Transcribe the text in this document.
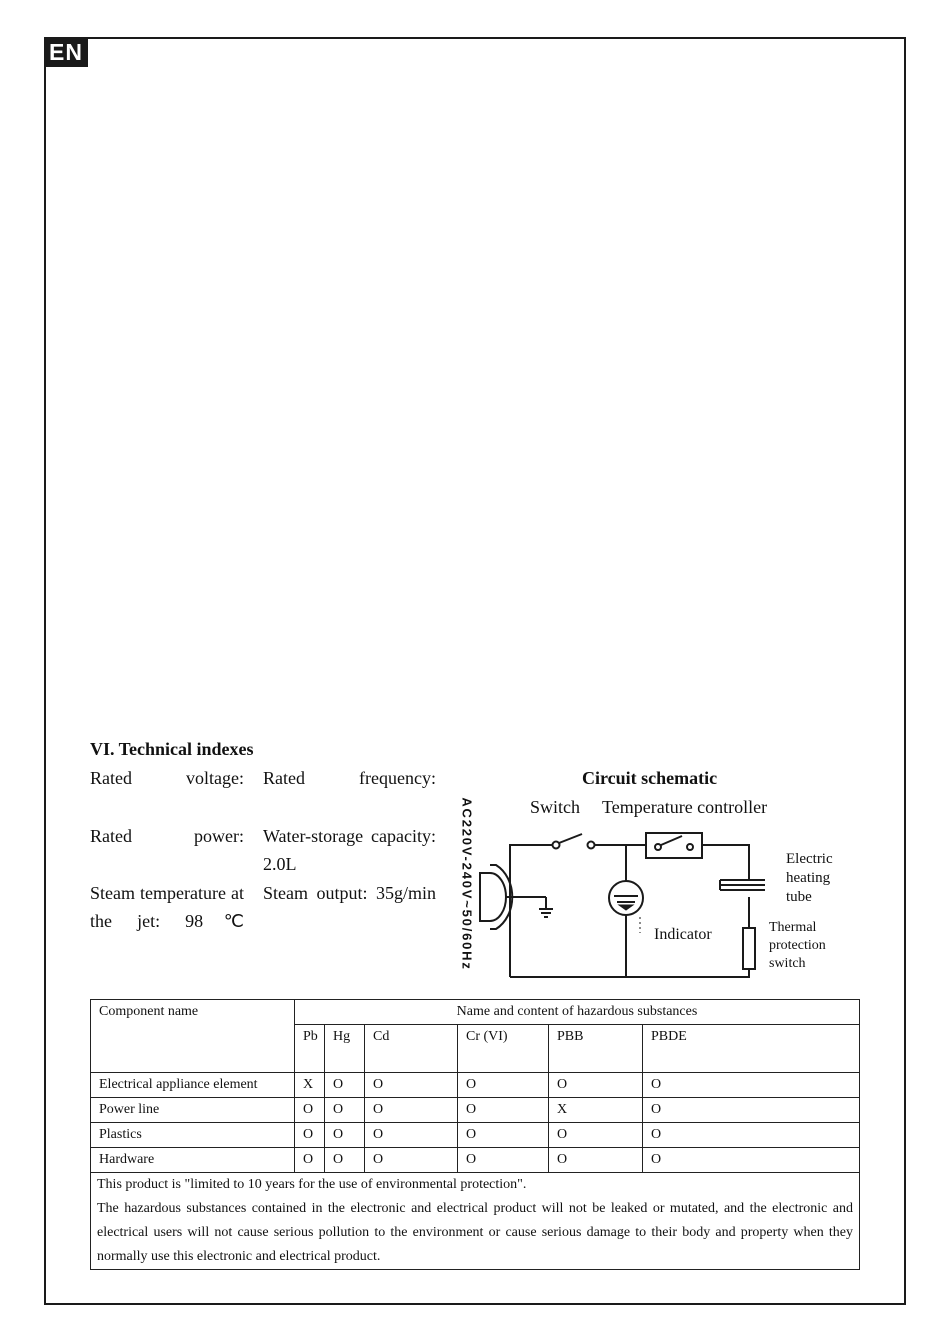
EN
VI. Technical indexes
Rated voltage: Rated frequency:
Rated power: Water-storage capacity: 2.0L
Steam temperature at the jet: 98℃
Steam output: 35g/min
Circuit schematic
Switch Temperature controller
Electric heating tube
Thermal protection switch
Indicator
AC220V-240V~50/60Hz
Component name	Name and content of hazardous substances					
	Pb	Hg	Cd	Cr (VI)	PBB	PBDE
Electrical appliance element	X	O	O	O	O	O
Power line	O	O	O	O	X	O
Plastics	O	O	O	O	O	O
Hardware	O	O	O	O	O	O

This product is "limited to 10 years for the use of environmental protection".

The hazardous substances contained in the electronic and electrical product will not be leaked or mutated, and the electronic and electrical users will not cause serious pollution to the environment or cause serious damage to their body and property when they normally use this electronic and electrical product.						
